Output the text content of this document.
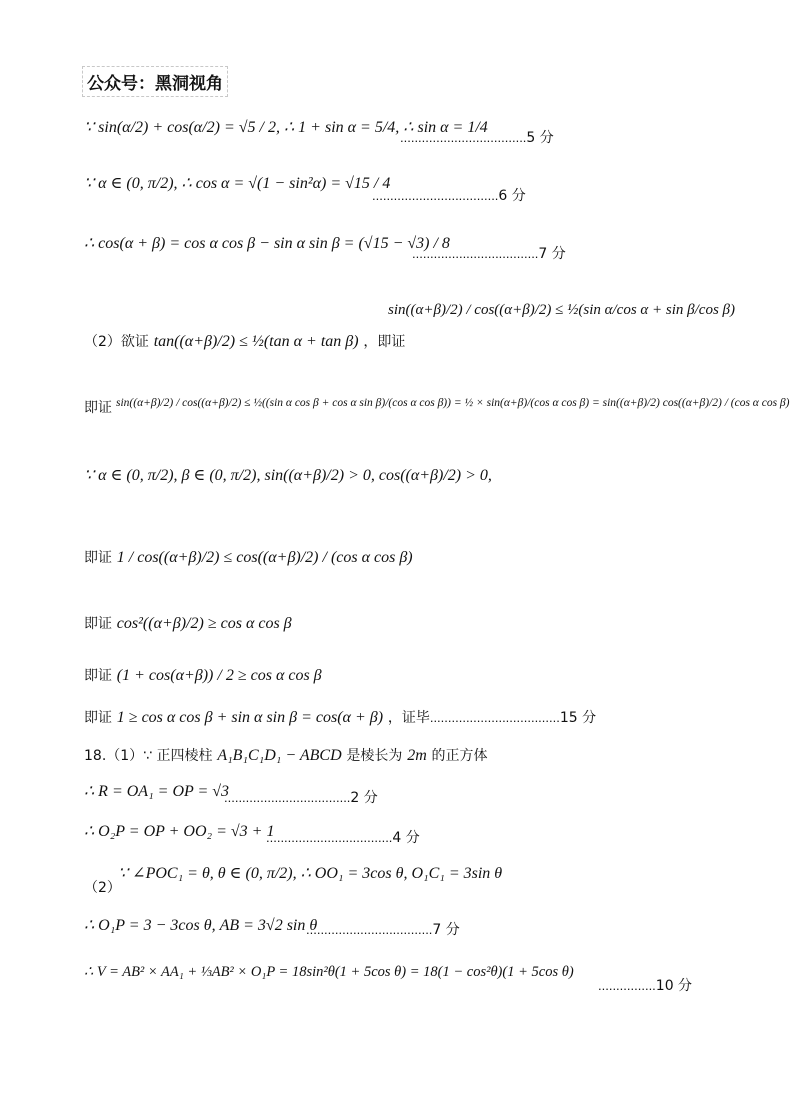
公众号：黑洞视角
∵ sin(α/2) + cos(α/2) = √5 / 2, ∴ 1 + sin α = 5/4, ∴ sin α = 1/4
...................................5 分
∵ α ∈ (0, π/2), ∴ cos α = √(1 − sin²α) = √15 / 4
...................................6 分
∴ cos(α + β) = cos α cos β − sin α sin β = (√15 − √3) / 8
...................................7 分
（2）欲证 tan((α+β)/2) ≤ ½(tan α + tan β) ，即证
sin((α+β)/2) / cos((α+β)/2) ≤ ½(sin α/cos α + sin β/cos β)
即证 sin((α+β)/2) / cos((α+β)/2) ≤ ½((sin α cos β + cos α sin β)/(cos α cos β)) = ½ × sin(α+β)/(cos α cos β) = sin((α+β)/2) cos((α+β)/2) / (cos α cos β)
∵ α ∈ (0, π/2), β ∈ (0, π/2), sin((α+β)/2) > 0, cos((α+β)/2) > 0,
即证 1 / cos((α+β)/2) ≤ cos((α+β)/2) / (cos α cos β)
即证 cos²((α+β)/2) ≥ cos α cos β
即证 (1 + cos(α+β)) / 2 ≥ cos α cos β
即证 1 ≥ cos α cos β + sin α sin β = cos(α + β) ，证毕....................................15 分
18.（1）∵ 正四棱柱 A₁B₁C₁D₁ − ABCD 是棱长为 2m 的正方体
∴ R = OA₁ = OP = √3
...................................2 分
∴ O₂P = OP + OO₂ = √3 + 1
...................................4 分
（2）
∵ ∠POC₁ = θ, θ ∈ (0, π/2), ∴ OO₁ = 3cos θ, O₁C₁ = 3sin θ
∴ O₁P = 3 − 3cos θ, AB = 3√2 sin θ
...................................7 分
∴ V = AB² × AA₁ + ⅓AB² × O₁P = 18sin²θ(1 + 5cos θ) = 18(1 − cos²θ)(1 + 5cos θ)
................10 分
